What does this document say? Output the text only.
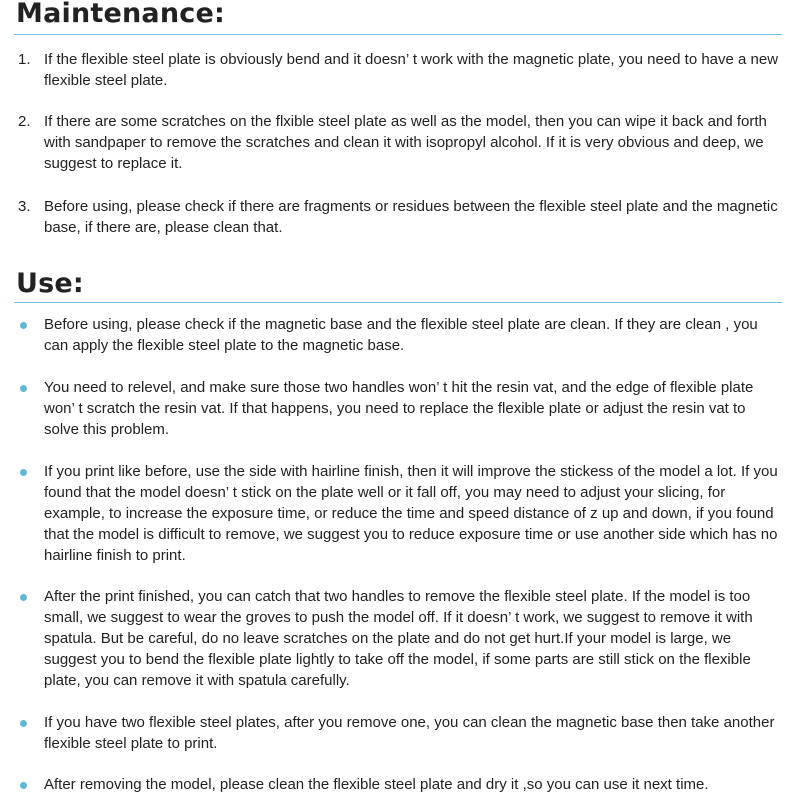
Maintenance:
1. If the flexible steel plate is obviously bend and it doesn’ t work with the magnetic plate, you need to have a new flexible steel plate.

2. If there are some scratches on the flxible steel plate as well as the model, then you can wipe it back and forth with sandpaper to remove the scratches and clean it with isopropyl alcohol. If it is very obvious and deep, we suggest to replace it.

3. Before using, please check if there are fragments or residues between the flexible steel plate and the magnetic base, if there are, please clean that.

Use:

Before using, please check if the magnetic base and the flexible steel plate are clean. If they are clean , you can apply the flexible steel plate to the magnetic base.

You need to relevel, and make sure those two handles won’ t hit the resin vat, and the edge of flexible plate won’ t scratch the resin vat. If that happens, you need to replace the flexible plate or adjust the resin vat to solve this problem.

If you print like before, use the side with hairline finish, then it will improve the stickess of the model a lot. If you found that the model doesn’ t stick on the plate well or it fall off, you may need to adjust your slicing, for example, to increase the exposure time, or reduce the time and speed distance of z up and down, if you found that the model is difficult to remove, we suggest you to reduce exposure time or use another side which has no hairline finish to print.

After the print finished, you can catch that two handles to remove the flexible steel plate. If the model is too small, we suggest to wear the groves to push the model off. If it doesn’ t work, we suggest to remove it with spatula. But be careful, do no leave scratches on the plate and do not get hurt.If your model is large, we suggest you to bend the flexible plate lightly to take off the model, if some parts are still stick on the flexible plate, you can remove it with spatula carefully.

If you have two flexible steel plates, after you remove one, you can clean the magnetic base then take another flexible steel plate to print.

After removing the model, please clean the flexible steel plate and dry it ,so you can use it next time.
